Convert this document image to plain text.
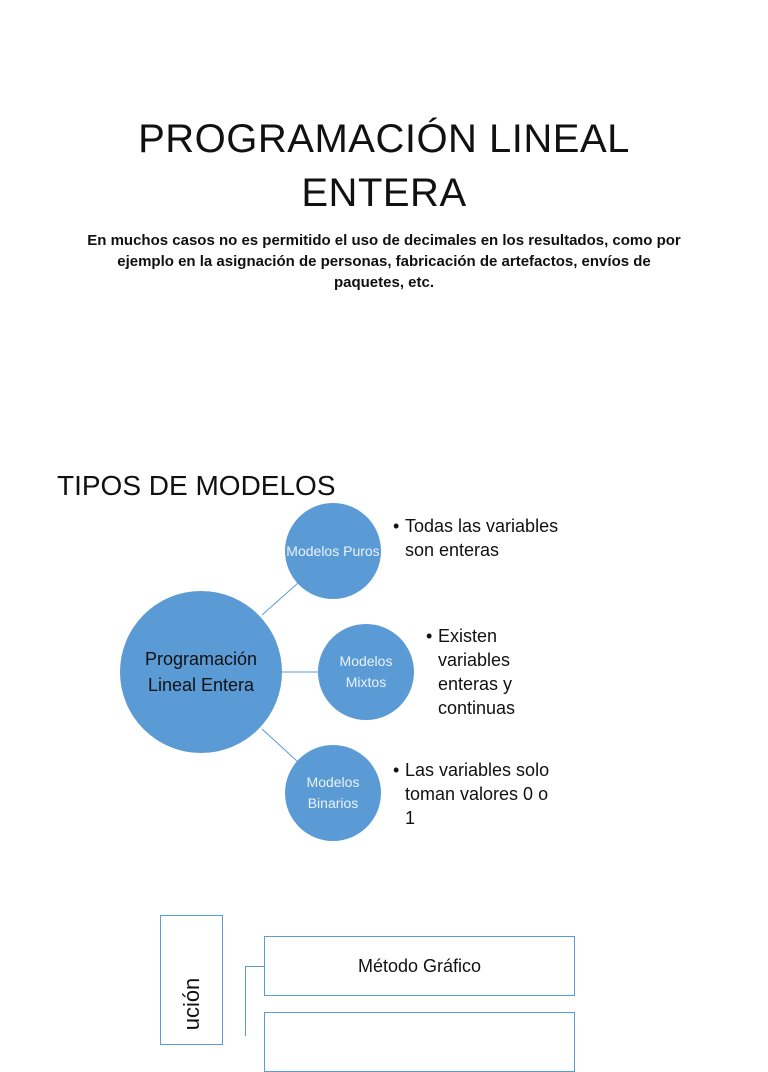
PROGRAMACIÓN LINEAL
ENTERA
En muchos casos no es permitido el uso de decimales en los resultados, como por ejemplo en la asignación de personas, fabricación de artefactos, envíos de paquetes, etc.
TIPOS DE MODELOS
Programación Lineal Entera
Modelos Puros
Modelos Mixtos
Modelos Binarios
• Todas las variables son enteras
• Existen variables enteras y continuas
• Las variables solo toman valores 0 o 1
ución
Método Gráfico
